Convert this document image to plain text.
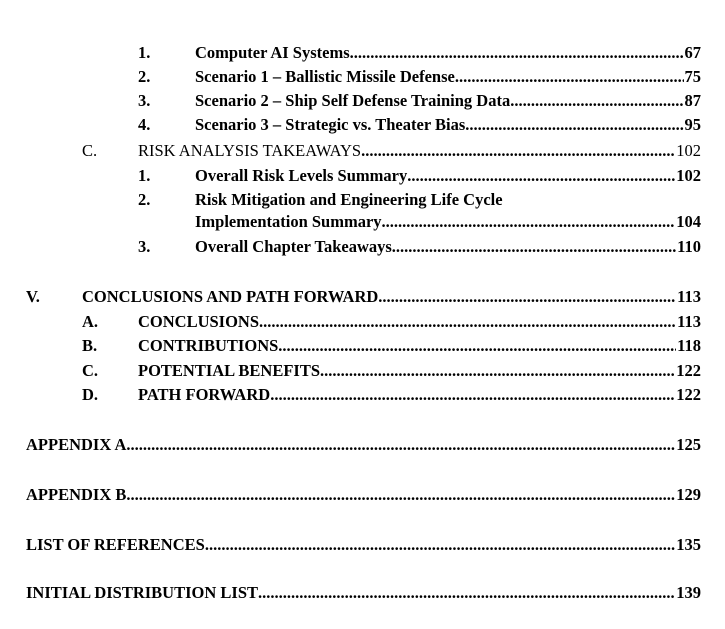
1.	Computer AI Systems .....	67
2.	Scenario 1 – Ballistic Missile Defense .....	75
3.	Scenario 2 – Ship Self Defense Training Data .....	87
4.	Scenario 3 – Strategic vs. Theater Bias .....	95
C. RISK ANALYSIS TAKEAWAYS .....	102
1.	Overall Risk Levels Summary .....	102
2.	Risk Mitigation and Engineering Life Cycle
Implementation Summary .....	104
3.	Overall Chapter Takeaways .....	110
V.	CONCLUSIONS AND PATH FORWARD .....	113
A. CONCLUSIONS .....	113
B. CONTRIBUTIONS .....	118
C. POTENTIAL BENEFITS .....	122
D. PATH FORWARD .....	122
APPENDIX A .....	125
APPENDIX B .....	129
LIST OF REFERENCES .....	135
INITIAL DISTRIBUTION LIST .....	139
